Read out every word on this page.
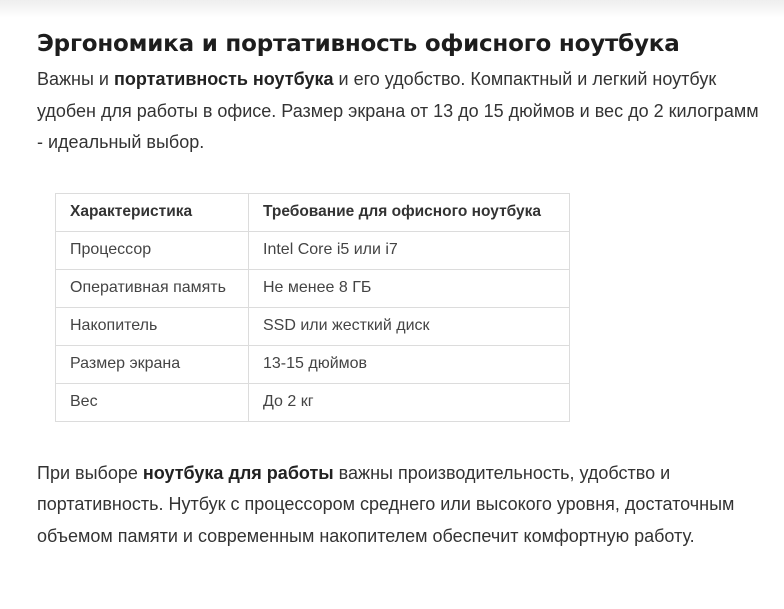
Эргономика и портативность офисного ноутбука

Важны и портативность ноутбука и его удобство. Компактный и легкий ноутбук удобен для работы в офисе. Размер экрана от 13 до 15 дюймов и вес до 2 килограмм - идеальный выбор.

Характеристика	Требование для офисного ноутбука
Процессор	Intel Core i5 или i7
Оперативная память	Не менее 8 ГБ
Накопитель	SSD или жесткий диск
Размер экрана	13-15 дюймов
Вес	До 2 кг

При выборе ноутбука для работы важны производительность, удобство и портативность. Нутбук с процессором среднего или высокого уровня, достаточным объемом памяти и современным накопителем обеспечит комфортную работу.
